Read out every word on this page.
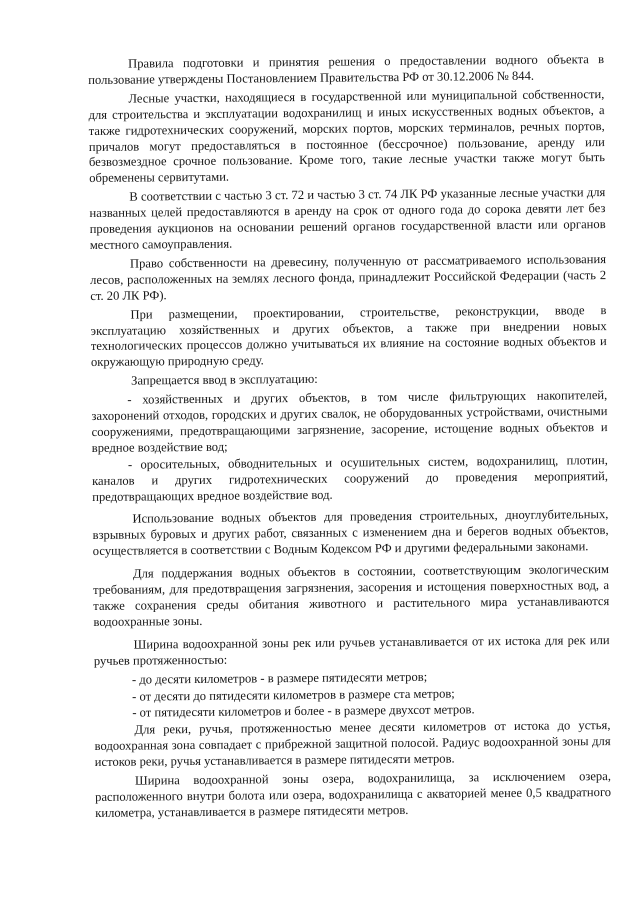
Правила подготовки и принятия решения о предоставлении водного объекта в пользование утверждены Постановлением Правительства РФ от 30.12.2006 № 844.

Лесные участки, находящиеся в государственной или муниципальной собственности, для строительства и эксплуатации водохранилищ и иных искусственных водных объектов, а также гидротехнических сооружений, морских портов, морских терминалов, речных портов, причалов могут предоставляться в постоянное (бессрочное) пользование, аренду или безвозмездное срочное пользование. Кроме того, такие лесные участки также могут быть обременены сервитутами.

В соответствии с частью 3 ст. 72 и частью 3 ст. 74 ЛК РФ указанные лесные участки для названных целей предоставляются в аренду на срок от одного года до сорока девяти лет без проведения аукционов на основании решений органов государственной власти или органов местного самоуправления.

Право собственности на древесину, полученную от рассматриваемого использования лесов, расположенных на землях лесного фонда, принадлежит Российской Федерации (часть 2 ст. 20 ЛК РФ).

При размещении, проектировании, строительстве, реконструкции, вводе в эксплуатацию хозяйственных и других объектов, а также при внедрении новых технологических процессов должно учитываться их влияние на состояние водных объектов и окружающую природную среду.

Запрещается ввод в эксплуатацию:

- хозяйственных и других объектов, в том числе фильтрующих накопителей, захоронений отходов, городских и других свалок, не оборудованных устройствами, очистными сооружениями, предотвращающими загрязнение, засорение, истощение водных объектов и вредное воздействие вод;

- оросительных, обводнительных и осушительных систем, водохранилищ, плотин, каналов и других гидротехнических сооружений до проведения мероприятий, предотвращающих вредное воздействие вод.

Использование водных объектов для проведения строительных, дноуглубительных, взрывных буровых и других работ, связанных с изменением дна и берегов водных объектов, осуществляется в соответствии с Водным Кодексом РФ и другими федеральными законами.

Для поддержания водных объектов в состоянии, соответствующим экологическим требованиям, для предотвращения загрязнения, засорения и истощения поверхностных вод, а также сохранения среды обитания животного и растительного мира устанавливаются водоохранные зоны.

Ширина водоохранной зоны рек или ручьев устанавливается от их истока для рек или ручьев протяженностью:

- до десяти километров - в размере пятидесяти метров;

- от десяти до пятидесяти километров в размере ста метров;

- от пятидесяти километров и более - в размере двухсот метров.

Для реки, ручья, протяженностью менее десяти километров от истока до устья, водоохранная зона совпадает с прибрежной защитной полосой. Радиус водоохранной зоны для истоков реки, ручья устанавливается в размере пятидесяти метров.

Ширина водоохранной зоны озера, водохранилища, за исключением озера, расположенного внутри болота или озера, водохранилища с акваторией менее 0,5 квадратного километра, устанавливается в размере пятидесяти метров.
